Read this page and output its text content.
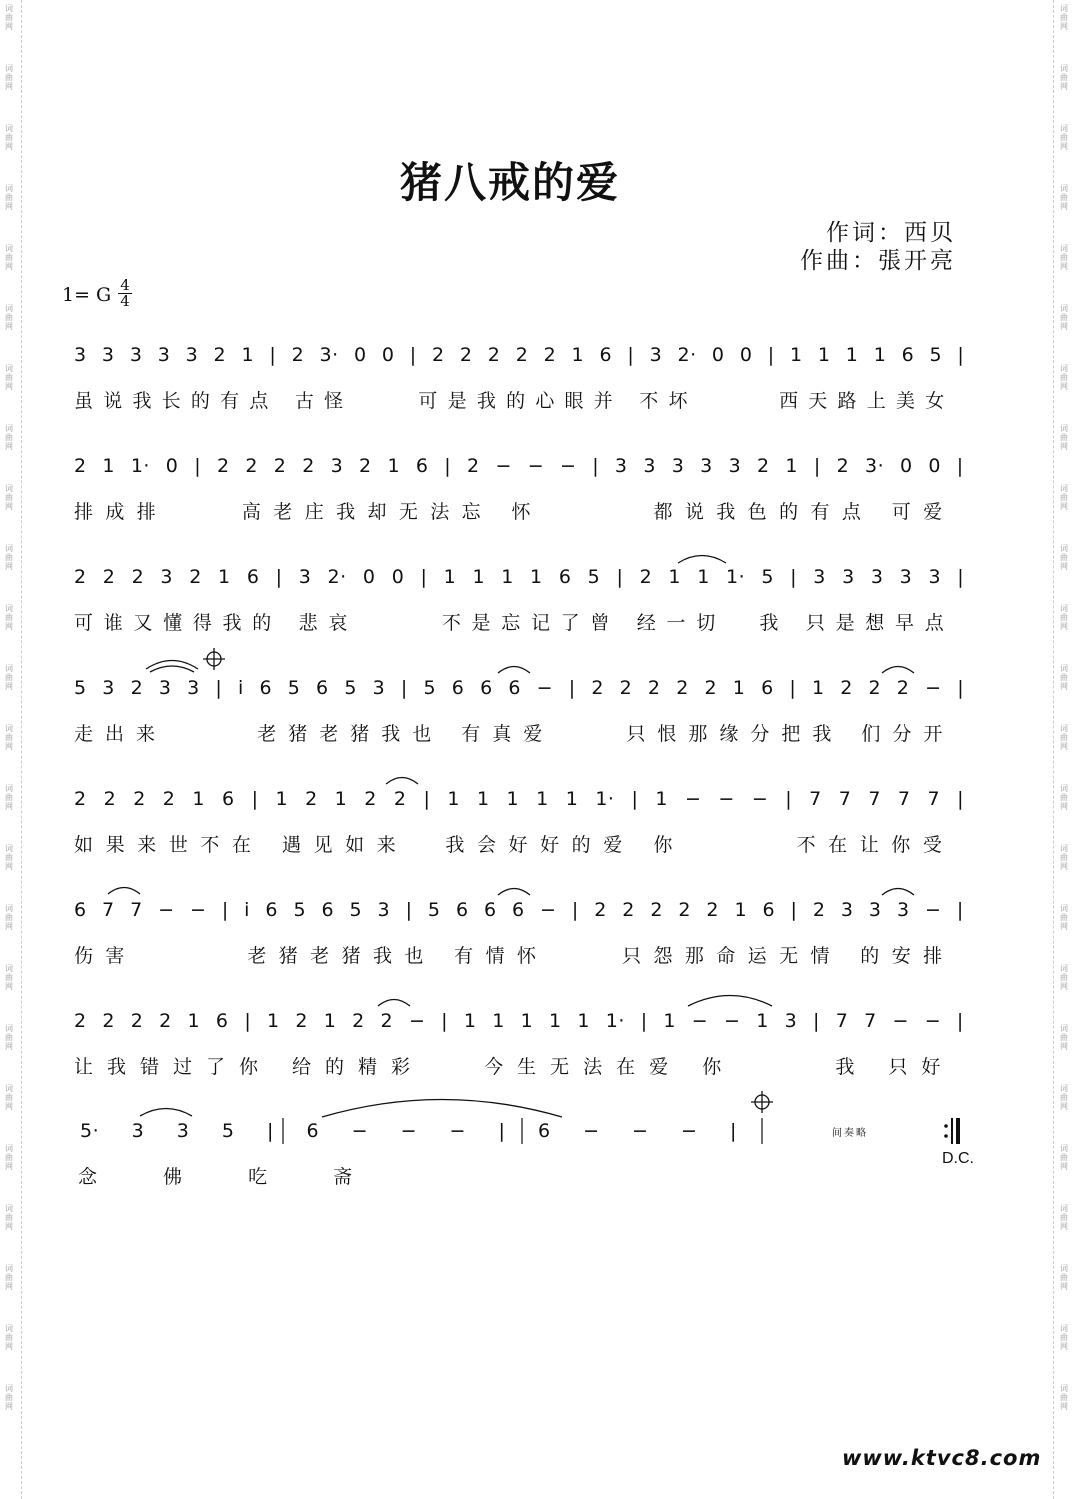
词
曲
网
词
曲
网
词
曲
网
词
曲
网
词
曲
网
词
曲
网
词
曲
网
词
曲
网
词
曲
网
词
曲
网
词
曲
网
词
曲
网
词
曲
网
词
曲
网
词
曲
网
词
曲
网
词
曲
网
词
曲
网
词
曲
网
词
曲
网
词
曲
网
词
曲
网
词
曲
网
词
曲
网
词
曲
网
词
曲
网
词
曲
网
词
曲
网
词
曲
网
词
曲
网
词
曲
网
词
曲
网
词
曲
网
词
曲
网
词
曲
网
词
曲
网
词
曲
网
词
曲
网
词
曲
网
词
曲
网
词
曲
网
词
曲
网
词
曲
网
词
曲
网
词
曲
网
词
曲
网
词
曲
网
词
曲
网
猪八戒的爱
作词：西贝
作曲：張开亮
1= G 4
4
3 3 3 3 3 2 1 | 2 3· 0 0 | 2 2 2 2 2 1 6 | 3 2· 0 0 | 1 1 1 1 6 5 |
虽说我长的有点 古怪    可是我的心眼并 不坏     西天路上美女
2 1 1· 0 | 2 2 2 2 3 2 1 6 | 2 − − − | 3 3 3 3 3 2 1 | 2 3· 0 0 |
排成排    高老庄我却无法忘 怀      都说我色的有点 可爱
2 2 2 3 2 1 6 | 3 2· 0 0 | 1 1 1 1 6 5 | 2 1 1 1· 5 | 3 3 3 3 3 |
可谁又懂得我的 悲哀     不是忘记了曾 经一切  我 只是想早点
5 3 2 3 3 | i 6 5 6 5 3 | 5 6 6 6 − | 2 2 2 2 2 1 6 | 1 2 2 2 − |
走出来     老猪老猪我也 有真爱    只恨那缘分把我 们分开
2 2 2 2 1 6 | 1 2 1 2 2 | 1 1 1 1 1 1· | 1 − − − | 7 7 7 7 7 |
如果来世不在 遇见如来  我会好好的爱 你      不在让你受
6 7 7 − − | i 6 5 6 5 3 | 5 6 6 6 − | 2 2 2 2 2 1 6 | 2 3 3 3 − |
伤害      老猪老猪我也 有情怀    只怨那命运无情 的安排
2 2 2 2 1 6 | 1 2 1 2 2 − | 1 1 1 1 1 1· | 1 − − 1 3 | 7 7 − − |
让我错过了你 给的精彩   今生无法在爱 你     我 只好
5· 3 3 5 | 6 − − − | 6 − − − |
念 佛 吃 斋
间奏略
D.C.
www.ktvc8.com
